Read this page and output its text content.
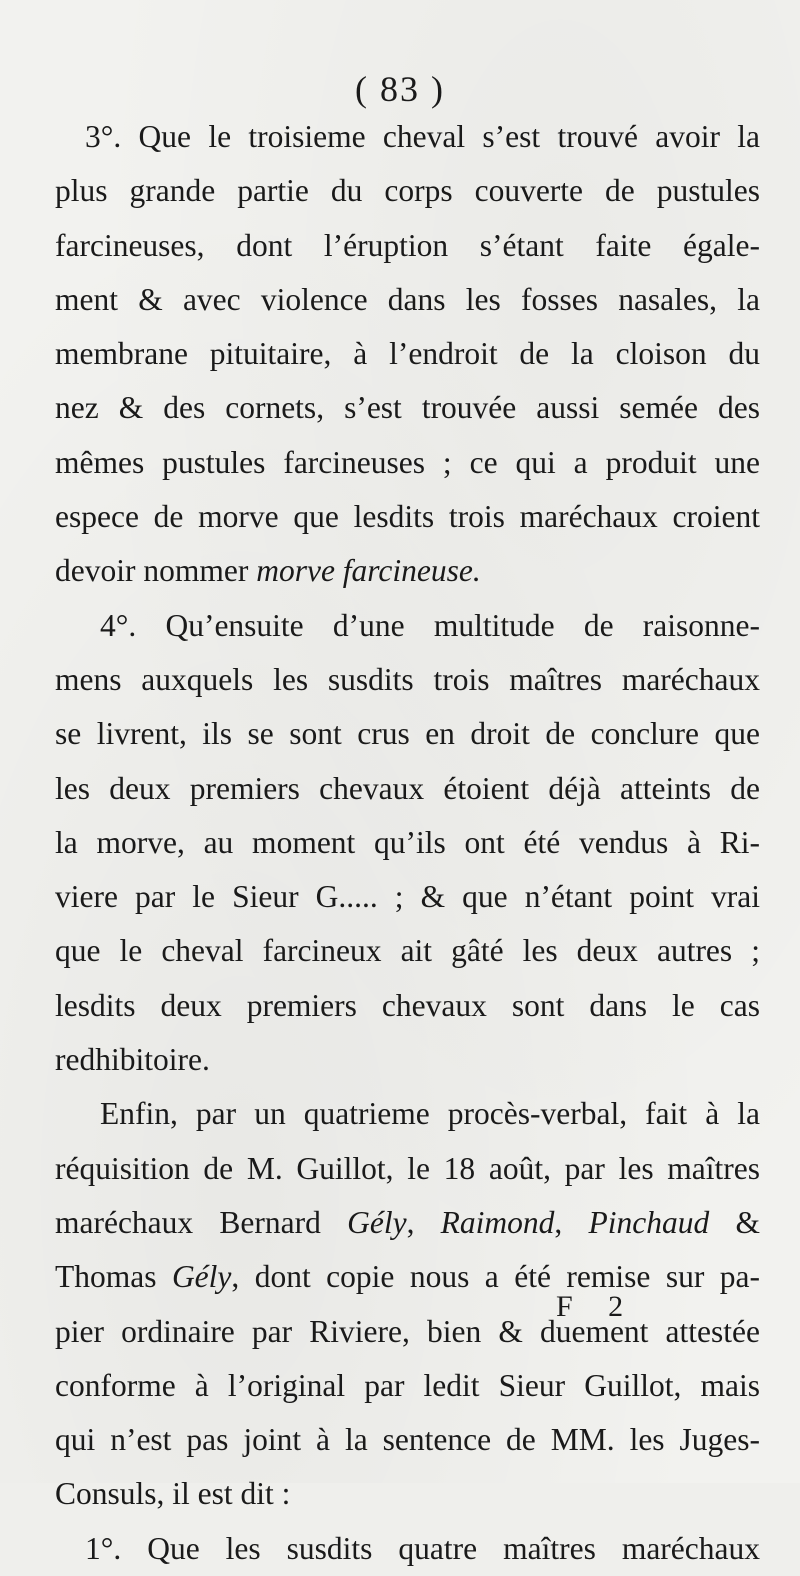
( 83 )
3°. Que le troisieme cheval s’est trouvé avoir la
plus grande partie du corps couverte de pustules
farcineuses, dont l’éruption s’étant faite égale-
ment & avec violence dans les fosses nasales, la
membrane pituitaire, à l’endroit de la cloison du
nez & des cornets, s’est trouvée aussi semée des
mêmes pustules farcineuses ; ce qui a produit une
espece de morve que lesdits trois maréchaux croient
devoir nommer morve farcineuse.
4°. Qu’ensuite d’une multitude de raisonne-
mens auxquels les susdits trois maîtres maréchaux
se livrent, ils se sont crus en droit de conclure que
les deux premiers chevaux étoient déjà atteints de
la morve, au moment qu’ils ont été vendus à Ri-
viere par le Sieur G..... ; & que n’étant point vrai
que le cheval farcineux ait gâté les deux autres ;
lesdits deux premiers chevaux sont dans le cas
redhibitoire.
Enfin, par un quatrieme procès-verbal, fait à la
réquisition de M. Guillot, le 18 août, par les maîtres
maréchaux Bernard Gély, Raimond, Pinchaud &
Thomas Gély, dont copie nous a été remise sur pa-
pier ordinaire par Riviere, bien & duement attestée
conforme à l’original par ledit Sieur Guillot, mais
qui n’est pas joint à la sentence de MM. les Juges-
Consuls, il est dit :
1°. Que les susdits quatre maîtres maréchaux
F 2
